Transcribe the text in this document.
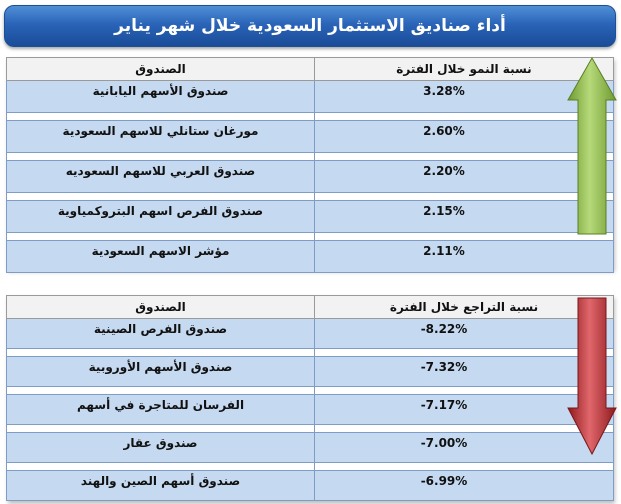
أداء صناديق الاستثمار السعودية خلال شهر يناير
الصندوق	نسبة النمو خلال الفترة

صندوق الأسهم اليابانية	3.28%

مورغان ستانلي للاسهم السعودية	2.60%

صندوق العربي للاسهم السعوديه	2.20%

صندوق الفرص اسهم البتروكمياوية	2.15%

مؤشر الاسهم السعودية	2.11%
الصندوق	نسبة التراجع خلال الفترة

صندوق الفرص الصينية	-8.22%

صندوق الأسهم الأوروبية	-7.32%

الفرسان للمتاجرة في أسهم	-7.17%

صندوق عقار	-7.00%

صندوق أسهم الصين والهند	-6.99%
